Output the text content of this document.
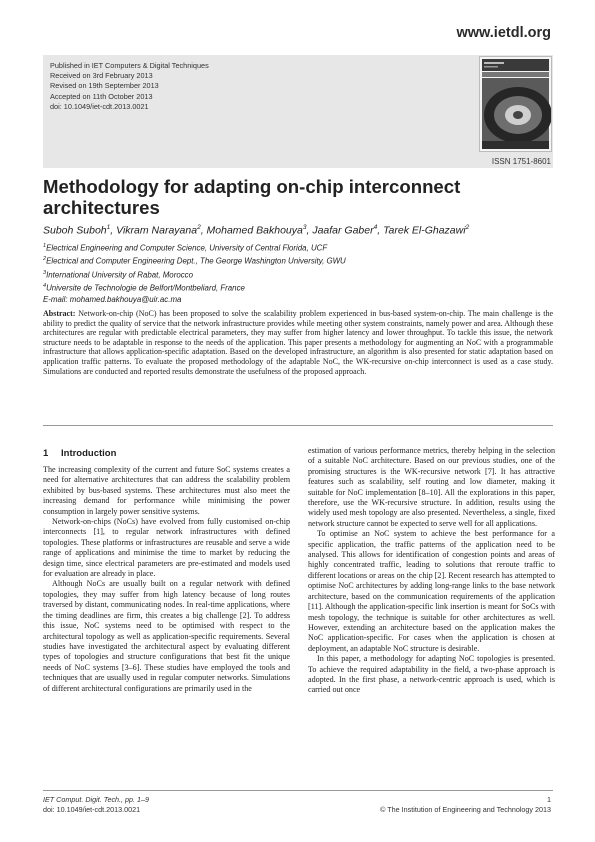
www.ietdl.org
Published in IET Computers & Digital Techniques
Received on 3rd February 2013
Revised on 19th September 2013
Accepted on 11th October 2013
doi: 10.1049/iet-cdt.2013.0021
ISSN 1751-8601
Methodology for adapting on-chip interconnect
architectures
Suboh Suboh$^1$, Vikram Narayana$^2$, Mohamed Bakhouya$^3$, Jaafar Gaber$^4$, Tarek El-Ghazawi$^2$
$^1$Electrical Engineering and Computer Science, University of Central Florida, UCF
$^2$Electrical and Computer Engineering Dept., The George Washington University, GWU
$^3$International University of Rabat, Morocco
$^4$Universite de Technologie de Belfort/Montbeliard, France
E-mail: mohamed.bakhouya@uir.ac.ma
Abstract: Network-on-chip (NoC) has been proposed to solve the scalability problem experienced in bus-based system-on-chip. The main challenge is the ability to predict the quality of service that the network infrastructure provides while meeting other system constraints, namely power and area. Although these architectures are regular with predictable electrical parameters, they may suffer from higher latency and lower throughput. To tackle this issue, the network structure needs to be adaptable in response to the needs of the application. This paper presents a methodology for augmenting an NoC with a programmable infrastructure that allows application-specific adaptation. Based on the developed infrastructure, an algorithm is also presented for static adaptation based on application traffic patterns. To evaluate the proposed methodology of the adaptable NoC, the WK-recursive on-chip interconnect is used as a case study. Simulations are conducted and reported results demonstrate the usefulness of the proposed approach.
1 Introduction

The increasing complexity of the current and future SoC systems creates a need for alternative architectures that can address the scalability problem exhibited by bus-based systems. These architectures must also meet the increasing demand for performance while minimising the power consumption in largely power sensitive systems.

Network-on-chips (NoCs) have evolved from fully customised on-chip interconnects [1], to regular network infrastructures with defined topologies. These platforms or infrastructures are reusable and serve a wide range of applications and minimise the time to market by reducing the design time, since electrical parameters are pre-estimated and models used for evaluation are already in place.

Although NoCs are usually built on a regular network with defined topologies, they may suffer from high latency because of long routes traversed by distant, communicating nodes. In real-time applications, where the timing deadlines are firm, this creates a big challenge [2]. To address this issue, NoC systems need to be optimised with respect to the architectural topology as well as application-specific requirements. Several studies have investigated the architectural aspect by evaluating different types of topologies and structure configurations that best fit the unique needs of NoC systems [3–6]. These studies have employed the tools and techniques that are usually used in regular computer networks. Simulations of different architectural configurations are primarily used in the

estimation of various performance metrics, thereby helping in the selection of a suitable NoC architecture. Based on our previous studies, one of the promising structures is the WK-recursive network [7]. It has attractive features such as scalability, self routing and low diameter, making it suitable for NoC implementation [8–10]. All the explorations in this paper, therefore, use the WK-recursive structure. In addition, results using the widely used mesh topology are also presented. Nevertheless, a single, fixed network structure cannot be expected to serve well for all applications.

To optimise an NoC system to achieve the best performance for a specific application, the traffic patterns of the application need to be analysed. This allows for identification of congestion points and areas of highly concentrated traffic, leading to solutions that reroute traffic to different locations or areas on the chip [2]. Recent research has attempted to optimise NoC architectures by adding long-range links to the base network architecture, based on the communication requirements of the application [11]. Although the application-specific link insertion is meant for SoCs with mesh topology, the technique is suitable for other architectures as well. However, extending an architecture based on the application makes the NoC application-specific. For cases when the application is chosen at deployment, an adaptable NoC structure is desirable.

In this paper, a methodology for adapting NoC topologies is presented. To achieve the required adaptability in the field, a two-phase approach is adopted. In the first phase, a network-centric approach is used, which is carried out once

IET Comput. Digit. Tech., pp. 1–9
doi: 10.1049/iet-cdt.2013.0021
1
© The Institution of Engineering and Technology 2013
